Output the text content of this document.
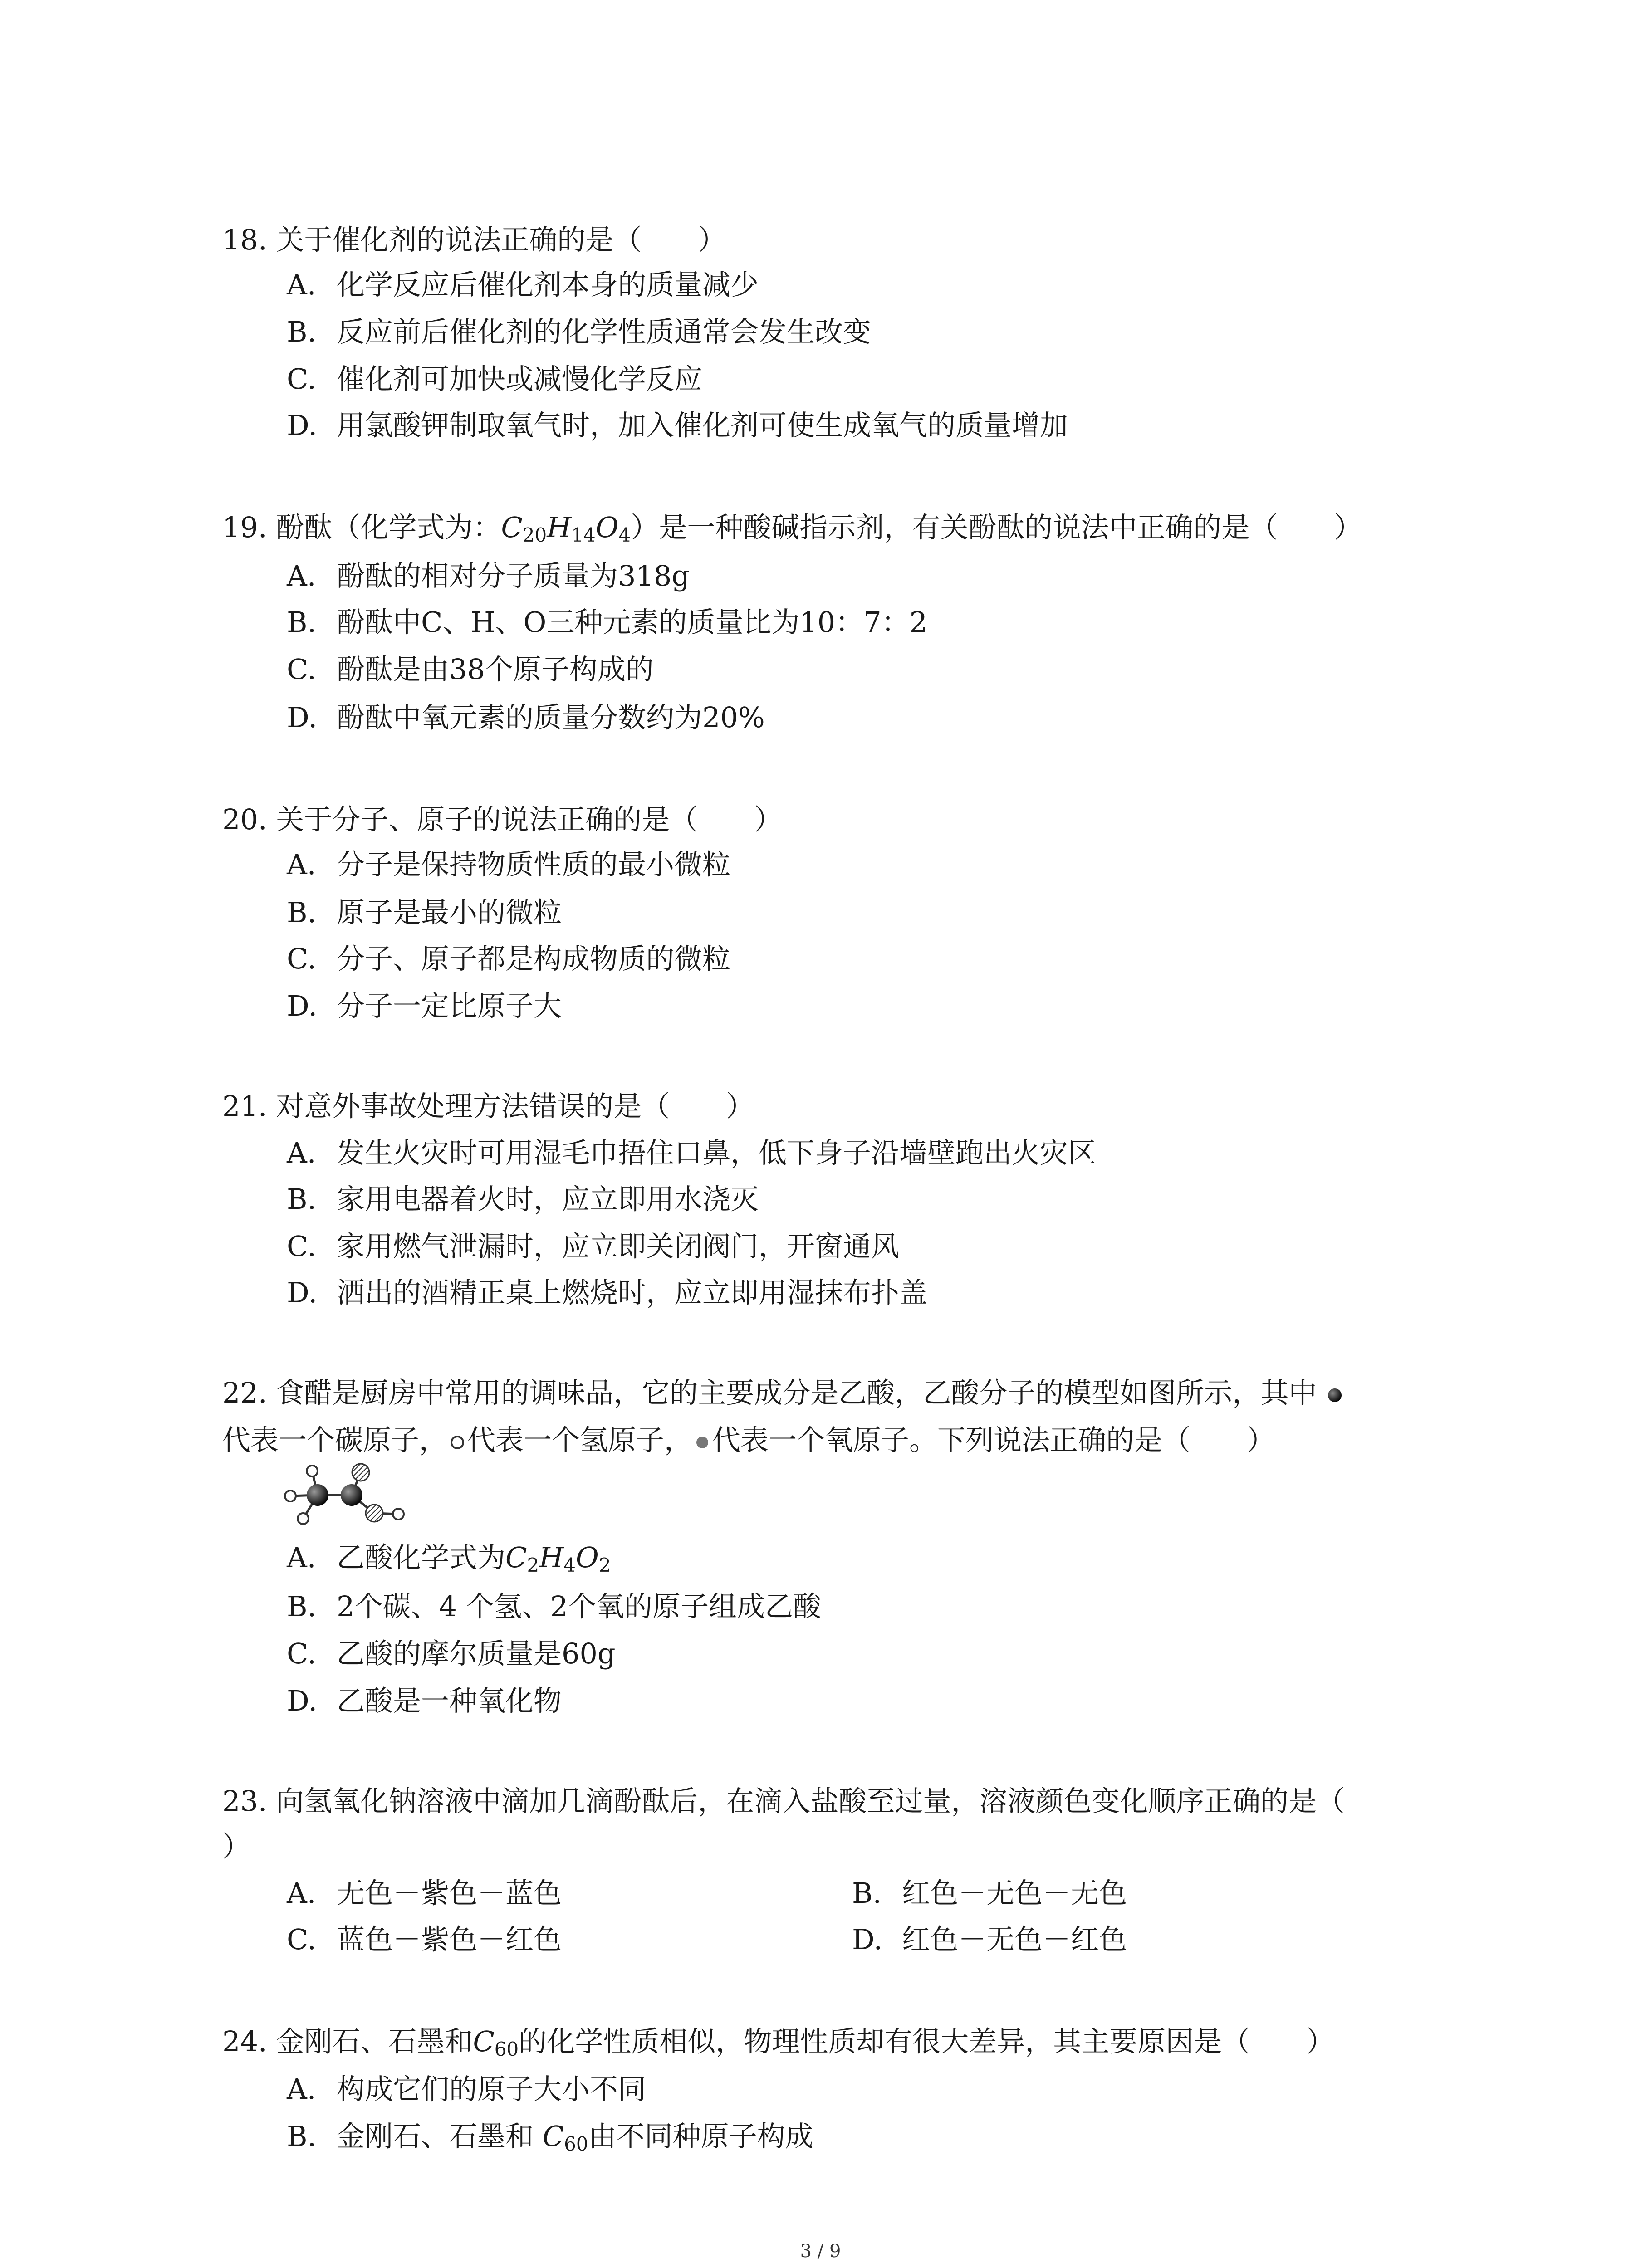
18. 关于催化剂的说法正确的是（　　）
A. 化学反应后催化剂本身的质量减少
B. 反应前后催化剂的化学性质通常会发生改变
C. 催化剂可加快或减慢化学反应
D. 用氯酸钾制取氧气时，加入催化剂可使生成氧气的质量增加
19. 酚酞（化学式为：$C_{20}H_{14}O_4$）是一种酸碱指示剂，有关酚酞的说法中正确的是（　　）
A. 酚酞的相对分子质量为318g
B. 酚酞中C、H、O三种元素的质量比为10：7：2
C. 酚酞是由38个原子构成的
D. 酚酞中氧元素的质量分数约为20%
20. 关于分子、原子的说法正确的是（　　）
A. 分子是保持物质性质的最小微粒
B. 原子是最小的微粒
C. 分子、原子都是构成物质的微粒
D. 分子一定比原子大
21. 对意外事故处理方法错误的是（　　）
A. 发生火灾时可用湿毛巾捂住口鼻，低下身子沿墙壁跑出火灾区
B. 家用电器着火时，应立即用水浇灭
C. 家用燃气泄漏时，应立即关闭阀门，开窗通风
D. 洒出的酒精正桌上燃烧时，应立即用湿抹布扑盖
22. 食醋是厨房中常用的调味品，它的主要成分是乙酸，乙酸分子的模型如图所示，其中
代表一个碳原子， 代表一个氢原子， 代表一个氧原子。下列说法正确的是（　　）
A. 乙酸化学式为$C_2H_4O_2$
B. 2个碳、4 个氢、2个氧的原子组成乙酸
C. 乙酸的摩尔质量是60g
D. 乙酸是一种氧化物
23. 向氢氧化钠溶液中滴加几滴酚酞后，在滴入盐酸至过量，溶液颜色变化顺序正确的是（
）
A. 无色－紫色－蓝色	B. 红色－无色－无色
C. 蓝色－紫色－红色	D. 红色－无色－红色
24. 金刚石、石墨和$C_{60}$的化学性质相似，物理性质却有很大差异，其主要原因是（　　）
A. 构成它们的原子大小不同
B. 金刚石、石墨和 $C_{60}$由不同种原子构成
3 / 9
